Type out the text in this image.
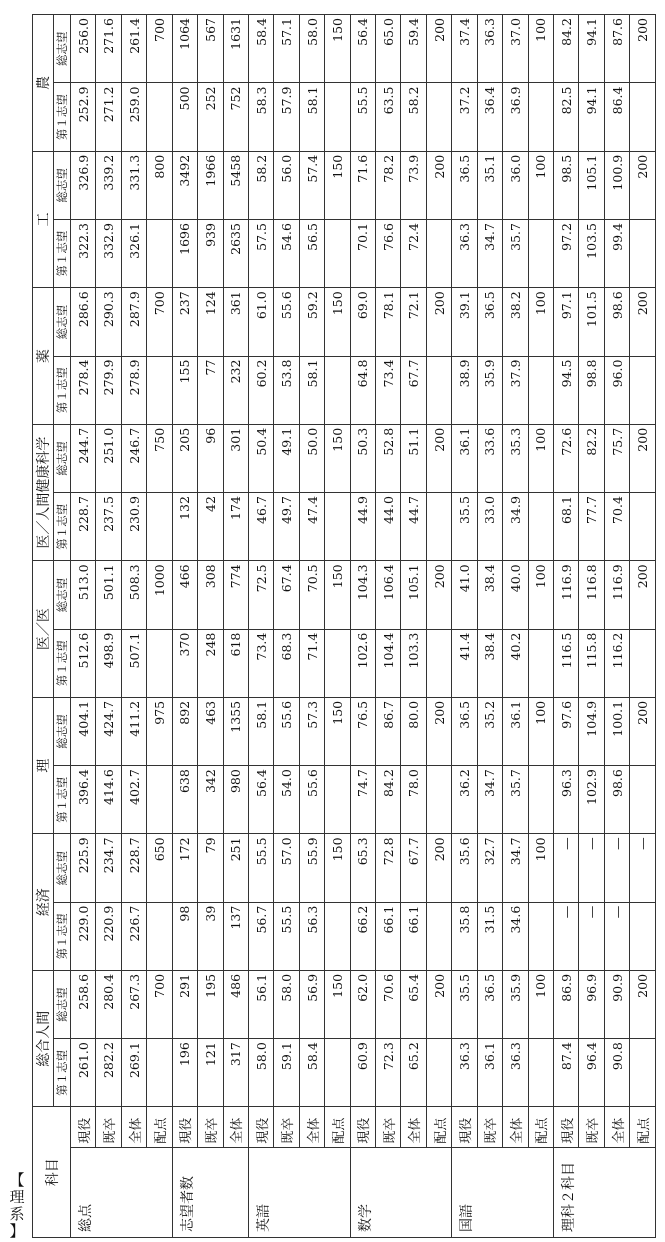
【
理
系
】
科目		総合人間		経済		理		医／医		医／人間健康科学		薬		工		農	
		第１志望	総志望	第１志望	総志望	第１志望	総志望	第１志望	総志望	第１志望	総志望	第１志望	総志望	第１志望	総志望	第１志望	総志望
総点	現役	261.0	258.6	229.0	225.9	396.4	404.1	512.6	513.0	228.7	244.7	278.4	286.6	322.3	326.9	252.9	256.0
	既卒	282.2	280.4	220.9	234.7	414.6	424.7	498.9	501.1	237.5	251.0	279.9	290.3	332.9	339.2	271.2	271.6
	全体	269.1	267.3	226.7	228.7	402.7	411.2	507.1	508.3	230.9	246.7	278.9	287.9	326.1	331.3	259.0	261.4
	配点		700		650		975		1000		750		700		800		700
志望者数	現役	196	291	98	172	638	892	370	466	132	205	155	237	1696	3492	500	1064
	既卒	121	195	39	79	342	463	248	308	42	96	77	124	939	1966	252	567
	全体	317	486	137	251	980	1355	618	774	174	301	232	361	2635	5458	752	1631
英語	現役	58.0	56.1	56.7	55.5	56.4	58.1	73.4	72.5	46.7	50.4	60.2	61.0	57.5	58.2	58.3	58.4
	既卒	59.1	58.0	55.5	57.0	54.0	55.6	68.3	67.4	49.7	49.1	53.8	55.6	54.6	56.0	57.9	57.1
	全体	58.4	56.9	56.3	55.9	55.6	57.3	71.4	70.5	47.4	50.0	58.1	59.2	56.5	57.4	58.1	58.0
	配点		150		150		150		150		150		150		150		150
数学	現役	60.9	62.0	66.2	65.3	74.7	76.5	102.6	104.3	44.9	50.3	64.8	69.0	70.1	71.6	55.5	56.4
	既卒	72.3	70.6	66.1	72.8	84.2	86.7	104.4	106.4	44.0	52.8	73.4	78.1	76.6	78.2	63.5	65.0
	全体	65.2	65.4	66.1	67.7	78.0	80.0	103.3	105.1	44.7	51.1	67.7	72.1	72.4	73.9	58.2	59.4
	配点		200		200		200		200		200		200		200		200
国語	現役	36.3	35.5	35.8	35.6	36.2	36.5	41.4	41.0	35.5	36.1	38.9	39.1	36.3	36.5	37.2	37.4
	既卒	36.1	36.5	31.5	32.7	34.7	35.2	38.4	38.4	33.0	33.6	35.9	36.5	34.7	35.1	36.4	36.3
	全体	36.3	35.9	34.6	34.7	35.7	36.1	40.2	40.0	34.9	35.3	37.9	38.2	35.7	36.0	36.9	37.0
	配点		100		100		100		100		100		100		100		100
理科２科目	現役	87.4	86.9	—	—	96.3	97.6	116.5	116.9	68.1	72.6	94.5	97.1	97.2	98.5	82.5	84.2
	既卒	96.4	96.9	—	—	102.9	104.9	115.8	116.8	77.7	82.2	98.8	101.5	103.5	105.1	94.1	94.1
	全体	90.8	90.9	—	—	98.6	100.1	116.2	116.9	70.4	75.7	96.0	98.6	99.4	100.9	86.4	87.6
	配点		200		—		200		200		200		200		200		200
